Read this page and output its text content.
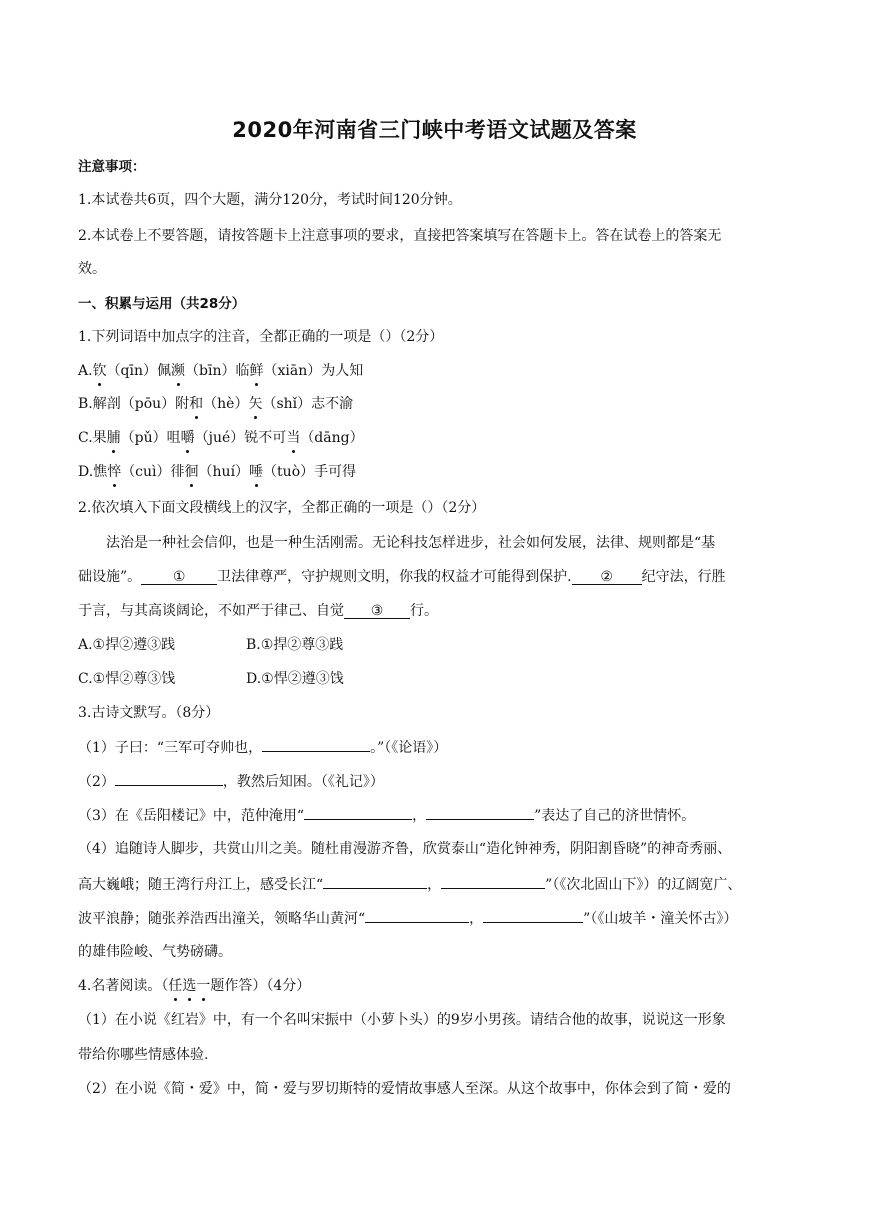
2020年河南省三门峡中考语文试题及答案
注意事项：
1.本试卷共6页，四个大题，满分120分，考试时间120分钟。
2.本试卷上不要答题，请按答题卡上注意事项的要求，直接把答案填写在答题卡上。答在试卷上的答案无
效。
一、积累与运用（共28分）
1.下列词语中加点字的注音，全都正确的一项是（）（2分）
A.钦（qīn）佩濒（bīn）临鲜（xiān）为人知
B.解剖（pōu）附和（hè）矢（shǐ）志不渝
C.果脯（pǔ）咀嚼（jué）锐不可当（dāng）
D.憔悴（cuì）徘徊（huí）唾（tuò）手可得
2.依次填入下面文段横线上的汉字，全都正确的一项是（）（2分）
法治是一种社会信仰，也是一种生活刚需。无论科技怎样进步，社会如何发展，法律、规则都是“基
础设施”。 ① 卫法律尊严，守护规则文明，你我的权益才可能得到保护. ② 纪守法，行胜
于言，与其高谈阔论，不如严于律己、自觉 ③ 行。
A.①捍②遵③践	B.①捍②尊③践
C.①悍②尊③饯	D.①悍②遵③饯
3.古诗文默写。（8分）
（1）子曰：“三军可夺帅也，	。”（《论语》）
（2）	，教然后知困。（《礼记》）
（3）在《岳阳楼记》中，范仲淹用“	，	”表达了自己的济世情怀。
（4）追随诗人脚步，共赏山川之美。随杜甫漫游齐鲁，欣赏泰山“造化钟神秀，阴阳割昏晓”的神奇秀丽、
高大巍峨；随王湾行舟江上，感受长江“	，	”（《次北固山下》）的辽阔宽广、
波平浪静；随张养浩西出潼关，领略华山黄河“	，	”（《山坡羊・潼关怀古》）
的雄伟险峻、气势磅礴。
4.名著阅读。（任选一题作答）（4分）
（1）在小说《红岩》中，有一个名叫宋振中（小萝卜头）的9岁小男孩。请结合他的故事，说说这一形象
带给你哪些情感体验.
（2）在小说《简・爱》中，简・爱与罗切斯特的爱情故事感人至深。从这个故事中，你体会到了简・爱的
